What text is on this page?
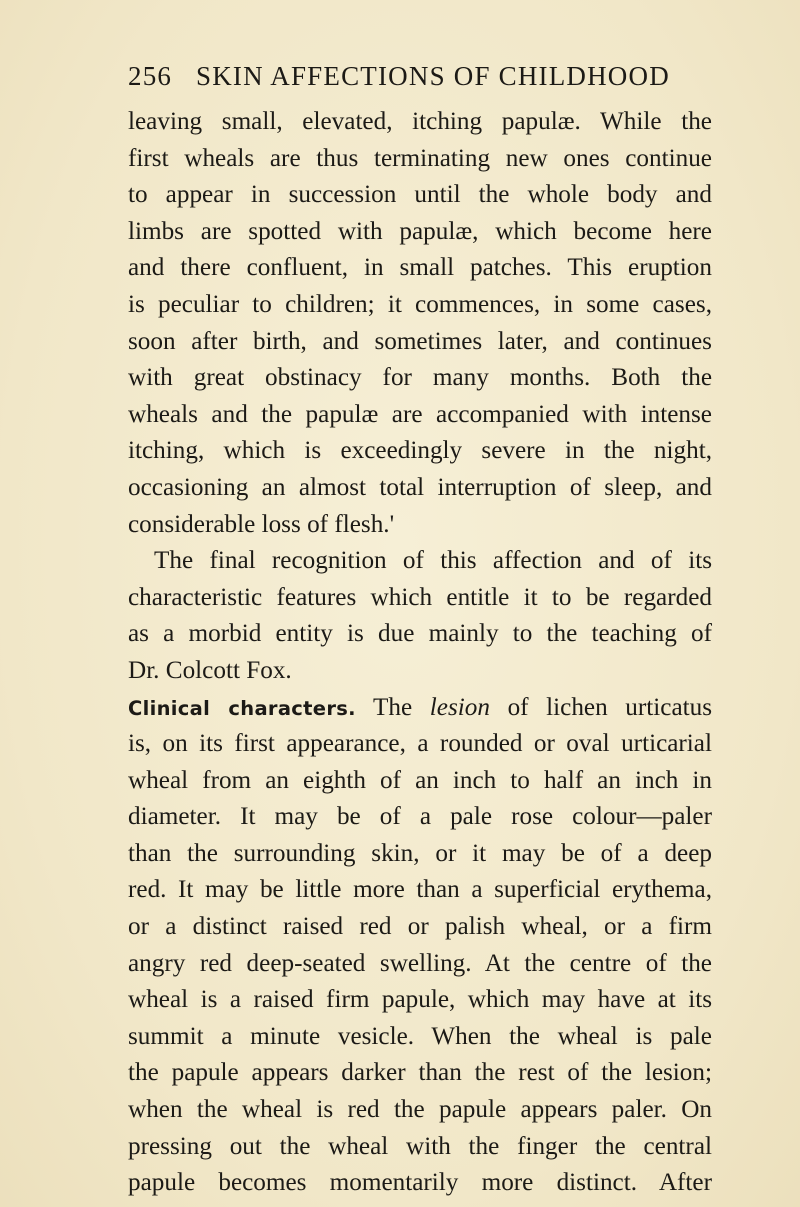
256 SKIN AFFECTIONS OF CHILDHOOD
leaving small, elevated, itching papulæ. While the
first wheals are thus terminating new ones continue
to appear in succession until the whole body and
limbs are spotted with papulæ, which become here
and there confluent, in small patches. This eruption
is peculiar to children; it commences, in some cases,
soon after birth, and sometimes later, and continues
with great obstinacy for many months. Both the
wheals and the papulæ are accompanied with intense
itching, which is exceedingly severe in the night,
occasioning an almost total interruption of sleep, and
considerable loss of flesh.'
The final recognition of this affection and of its
characteristic features which entitle it to be regarded
as a morbid entity is due mainly to the teaching of
Dr. Colcott Fox.
Clinical characters. The lesion of lichen urticatus
is, on its first appearance, a rounded or oval urticarial
wheal from an eighth of an inch to half an inch in
diameter. It may be of a pale rose colour—paler
than the surrounding skin, or it may be of a deep
red. It may be little more than a superficial erythema,
or a distinct raised red or palish wheal, or a firm
angry red deep-seated swelling. At the centre of the
wheal is a raised firm papule, which may have at its
summit a minute vesicle. When the wheal is pale
the papule appears darker than the rest of the lesion;
when the wheal is red the papule appears paler. On
pressing out the wheal with the finger the central
papule becomes momentarily more distinct. After
